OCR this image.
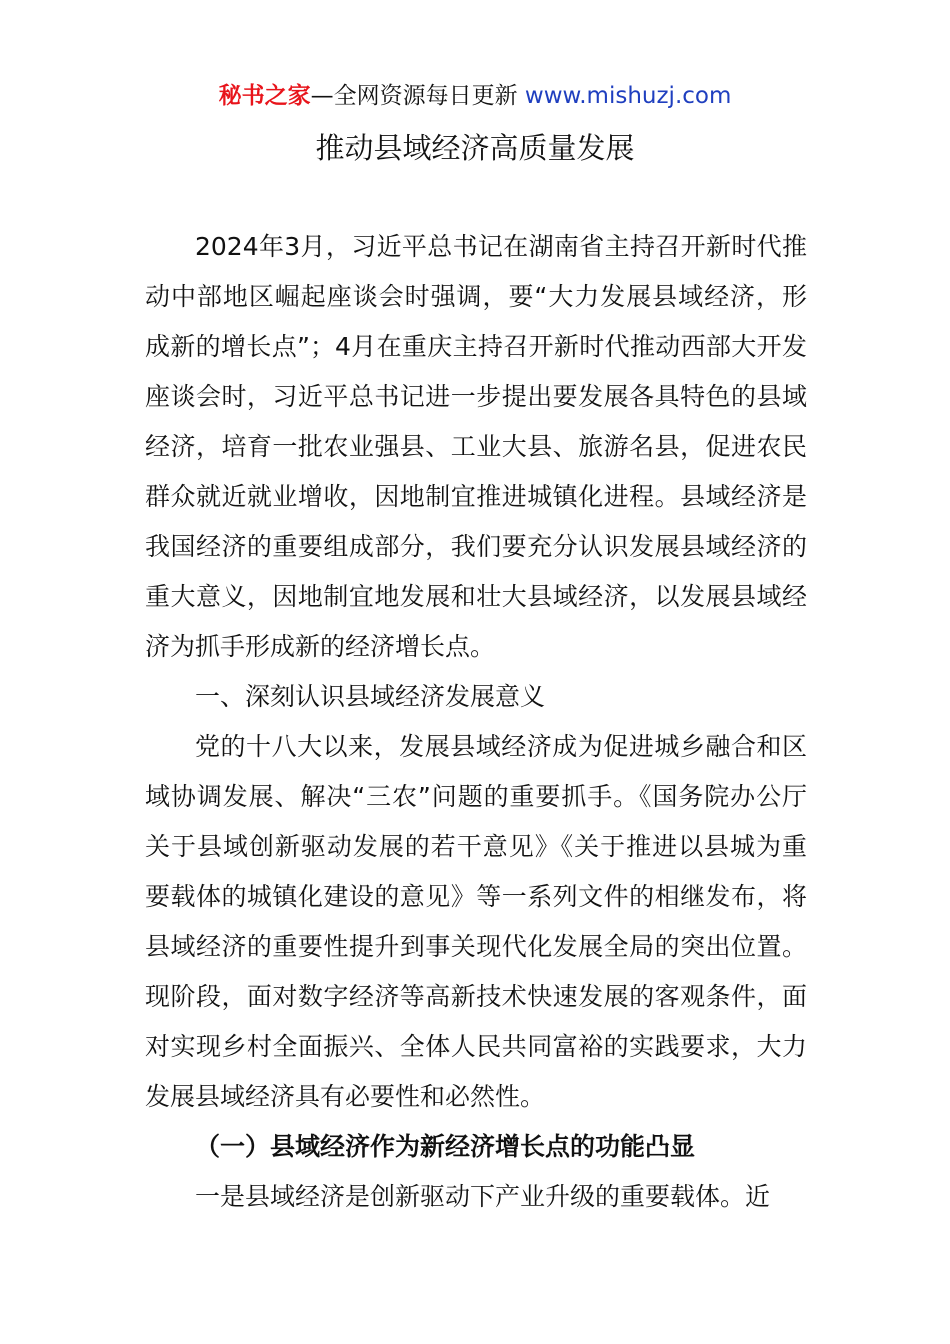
秘书之家—全网资源每日更新 www.mishuzj.com
推动县域经济高质量发展

2024年3月，习近平总书记在湖南省主持召开新时代推动中部地区崛起座谈会时强调，要“大力发展县域经济，形成新的增长点”；4月在重庆主持召开新时代推动西部大开发座谈会时，习近平总书记进一步提出要发展各具特色的县域经济，培育一批农业强县、工业大县、旅游名县，促进农民群众就近就业增收，因地制宜推进城镇化进程。县域经济是我国经济的重要组成部分，我们要充分认识发展县域经济的重大意义，因地制宜地发展和壮大县域经济，以发展县域经济为抓手形成新的经济增长点。

一、深刻认识县域经济发展意义

党的十八大以来，发展县域经济成为促进城乡融合和区域协调发展、解决“三农”问题的重要抓手。《国务院办公厅关于县域创新驱动发展的若干意见》《关于推进以县城为重要载体的城镇化建设的意见》等一系列文件的相继发布，将县域经济的重要性提升到事关现代化发展全局的突出位置。现阶段，面对数字经济等高新技术快速发展的客观条件，面对实现乡村全面振兴、全体人民共同富裕的实践要求，大力发展县域经济具有必要性和必然性。

（一）县域经济作为新经济增长点的功能凸显

一是县域经济是创新驱动下产业升级的重要载体。近
